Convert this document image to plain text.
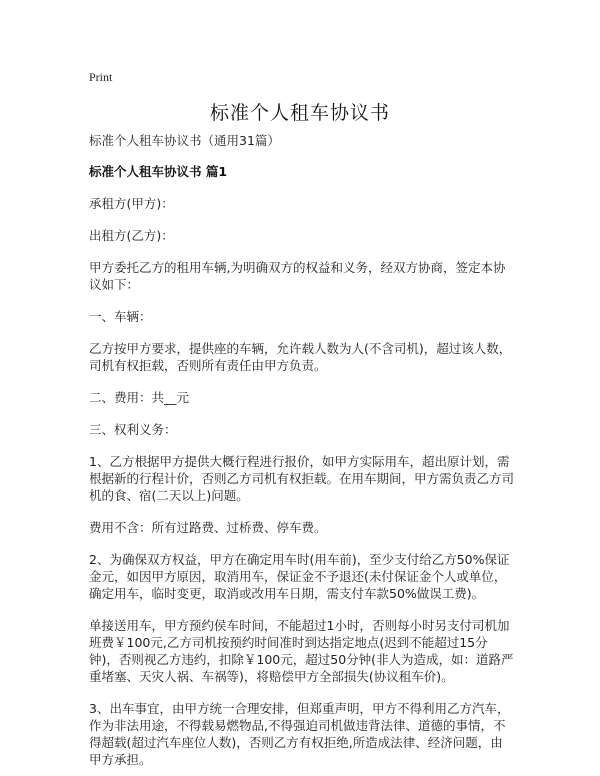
Print
标准个人租车协议书

标准个人租车协议书（通用31篇）

标准个人租车协议书 篇1

承租方(甲方)：

出租方(乙方)：

甲方委托乙方的租用车辆,为明确双方的权益和义务，经双方协商，签定本协议如下：

一、车辆：

乙方按甲方要求，提供座的车辆，允许载人数为人(不含司机)，超过该人数，司机有权拒载，否则所有责任由甲方负责。

二、费用：共__元

三、权利义务：

1、乙方根据甲方提供大概行程进行报价，如甲方实际用车，超出原计划，需根据新的行程计价，否则乙方司机有权拒载。在用车期间，甲方需负责乙方司机的食、宿(二天以上)问题。

费用不含：所有过路费、过桥费、停车费。

2、为确保双方权益，甲方在确定用车时(用车前)，至少支付给乙方50%保证金元，如因甲方原因，取消用车，保证金不予退还(未付保证金个人或单位，确定用车，临时变更，取消或改用车日期，需支付车款50%做误工费)。

单接送用车，甲方预约侯车时间，不能超过1小时，否则每小时另支付司机加班费￥100元,乙方司机按预约时间准时到达指定地点(迟到不能超过15分钟)，否则视乙方违约，扣除￥100元，超过50分钟(非人为造成，如：道路严重堵塞、天灾人祸、车祸等)，将赔偿甲方全部损失(协议租车价)。

3、出车事宜，由甲方统一合理安排，但郑重声明，甲方不得利用乙方汽车，作为非法用途，不得载易燃物品,不得强迫司机做违背法律、道德的事情，不得超载(超过汽车座位人数)，否则乙方有权拒绝,所造成法律、经济问题，由甲方承担。
